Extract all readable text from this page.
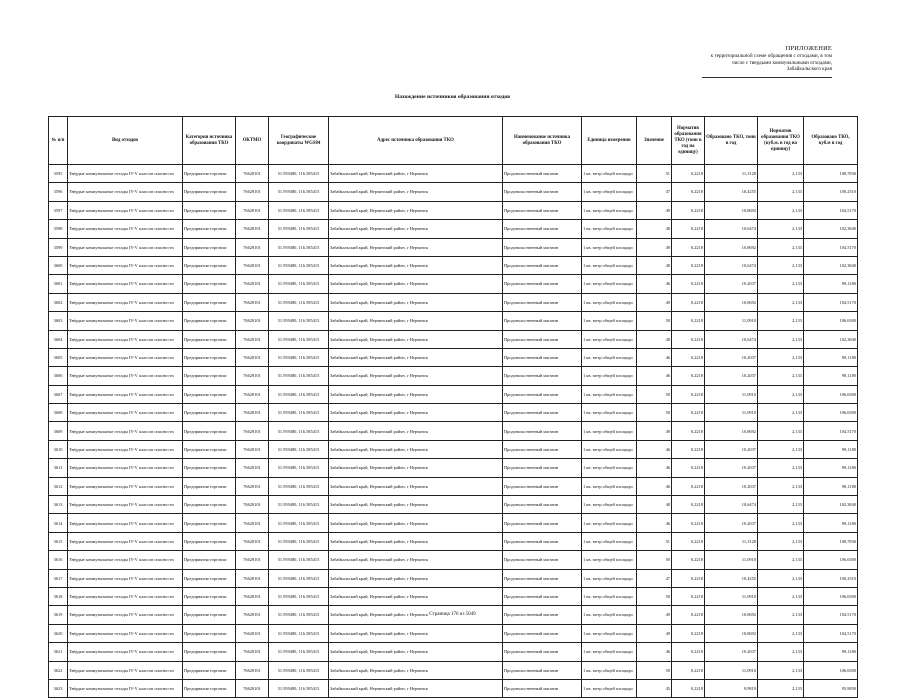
ПРИЛОЖЕНИЕ
к территориальной схеме обращения с отходами, в том
числе с твердыми коммунальными отходами,
Забайкальского края
Нахождение источников образования отходов
№ п/п	Вид отходов	Категория источника образования ТКО	ОКТМО	Географические координаты WGS84	Адрес источника образования ТКО	Наименование источника образования ТКО	Единица измерения	Значение	Норматив образования ТКО (тонн в год на единицу)	Образовано ТКО, тонн в год	Норматив образования ТКО (куб.м. в год на единицу)	Образовано ТКО, куб.м в год
3595	Твёрдые коммунальные отходы IV-V классов опасности	Предприятия торговли	76628101	51.959480, 116.585415	Забайкальский край, Нерчинский район, г Нерчинск	Продовольственный магазин	1 кв. метр общей площади	51	0,2218	11,3128	2,133	108,7830
3596	Твёрдые коммунальные отходы IV-V классов опасности	Предприятия торговли	76628101	51.959480, 116.585415	Забайкальский край, Нерчинский район, г Нерчинск	Продовольственный магазин	1 кв. метр общей площади	47	0,2218	10,4255	2,133	100,2510
3597	Твёрдые коммунальные отходы IV-V классов опасности	Предприятия торговли	76628101	51.959480, 116.585415	Забайкальский край, Нерчинский район, г Нерчинск	Продовольственный магазин	1 кв. метр общей площади	49	0,2218	10,8692	2,133	104,5170
3598	Твёрдые коммунальные отходы IV-V классов опасности	Предприятия торговли	76628101	51.959480, 116.585415	Забайкальский край, Нерчинский район, г Нерчинск	Продовольственный магазин	1 кв. метр общей площади	48	0,2218	10,6474	2,133	102,3840
3599	Твёрдые коммунальные отходы IV-V классов опасности	Предприятия торговли	76628101	51.959480, 116.585415	Забайкальский край, Нерчинский район, г Нерчинск	Продовольственный магазин	1 кв. метр общей площади	49	0,2218	10,8692	2,133	104,5170
3600	Твёрдые коммунальные отходы IV-V классов опасности	Предприятия торговли	76628101	51.959480, 116.585415	Забайкальский край, Нерчинский район, г Нерчинск	Продовольственный магазин	1 кв. метр общей площади	48	0,2218	10,6474	2,133	102,3840
3601	Твёрдые коммунальные отходы IV-V классов опасности	Предприятия торговли	76628101	51.959480, 116.585415	Забайкальский край, Нерчинский район, г Нерчинск	Продовольственный магазин	1 кв. метр общей площади	46	0,2218	10,2037	2,133	98,1180
3602	Твёрдые коммунальные отходы IV-V классов опасности	Предприятия торговли	76628101	51.959480, 116.585415	Забайкальский край, Нерчинский район, г Нерчинск	Продовольственный магазин	1 кв. метр общей площади	49	0,2218	10,8692	2,133	104,5170
3603	Твёрдые коммунальные отходы IV-V классов опасности	Предприятия торговли	76628101	51.959480, 116.585415	Забайкальский край, Нерчинский район, г Нерчинск	Продовольственный магазин	1 кв. метр общей площади	50	0,2218	11,0910	2,133	106,6500
3604	Твёрдые коммунальные отходы IV-V классов опасности	Предприятия торговли	76628101	51.959480, 116.585415	Забайкальский край, Нерчинский район, г Нерчинск	Продовольственный магазин	1 кв. метр общей площади	48	0,2218	10,6474	2,133	102,3840
3605	Твёрдые коммунальные отходы IV-V классов опасности	Предприятия торговли	76628101	51.959480, 116.585415	Забайкальский край, Нерчинский район, г Нерчинск	Продовольственный магазин	1 кв. метр общей площади	46	0,2218	10,2037	2,133	98,1180
3606	Твёрдые коммунальные отходы IV-V классов опасности	Предприятия торговли	76628101	51.959480, 116.585415	Забайкальский край, Нерчинский район, г Нерчинск	Продовольственный магазин	1 кв. метр общей площади	46	0,2218	10,2037	2,133	98,1180
3607	Твёрдые коммунальные отходы IV-V классов опасности	Предприятия торговли	76628101	51.959480, 116.585415	Забайкальский край, Нерчинский район, г Нерчинск	Продовольственный магазин	1 кв. метр общей площади	50	0,2218	11,0910	2,133	106,6500
3608	Твёрдые коммунальные отходы IV-V классов опасности	Предприятия торговли	76628101	51.959480, 116.585415	Забайкальский край, Нерчинский район, г Нерчинск	Продовольственный магазин	1 кв. метр общей площади	50	0,2218	11,0910	2,133	106,6500
3609	Твёрдые коммунальные отходы IV-V классов опасности	Предприятия торговли	76628101	51.959480, 116.585415	Забайкальский край, Нерчинский район, г Нерчинск	Продовольственный магазин	1 кв. метр общей площади	49	0,2218	10,8692	2,133	104,5170
3610	Твёрдые коммунальные отходы IV-V классов опасности	Предприятия торговли	76628101	51.959480, 116.585415	Забайкальский край, Нерчинский район, г Нерчинск	Продовольственный магазин	1 кв. метр общей площади	46	0,2218	10,2037	2,133	98,1180
3611	Твёрдые коммунальные отходы IV-V классов опасности	Предприятия торговли	76628101	51.959480, 116.585415	Забайкальский край, Нерчинский район, г Нерчинск	Продовольственный магазин	1 кв. метр общей площади	46	0,2218	10,2037	2,133	98,1180
3612	Твёрдые коммунальные отходы IV-V классов опасности	Предприятия торговли	76628101	51.959480, 116.585415	Забайкальский край, Нерчинский район, г Нерчинск	Продовольственный магазин	1 кв. метр общей площади	46	0,2218	10,2037	2,133	98,1180
3613	Твёрдые коммунальные отходы IV-V классов опасности	Предприятия торговли	76628101	51.959480, 116.585415	Забайкальский край, Нерчинский район, г Нерчинск	Продовольственный магазин	1 кв. метр общей площади	48	0,2218	10,6474	2,133	102,3840
3614	Твёрдые коммунальные отходы IV-V классов опасности	Предприятия торговли	76628101	51.959480, 116.585415	Забайкальский край, Нерчинский район, г Нерчинск	Продовольственный магазин	1 кв. метр общей площади	46	0,2218	10,2037	2,133	98,1180
3615	Твёрдые коммунальные отходы IV-V классов опасности	Предприятия торговли	76628101	51.959480, 116.585415	Забайкальский край, Нерчинский район, г Нерчинск	Продовольственный магазин	1 кв. метр общей площади	51	0,2218	11,3128	2,133	108,7830
3616	Твёрдые коммунальные отходы IV-V классов опасности	Предприятия торговли	76628101	51.959480, 116.585415	Забайкальский край, Нерчинский район, г Нерчинск	Продовольственный магазин	1 кв. метр общей площади	50	0,2218	11,0910	2,133	106,6500
3617	Твёрдые коммунальные отходы IV-V классов опасности	Предприятия торговли	76628101	51.959480, 116.585415	Забайкальский край, Нерчинский район, г Нерчинск	Продовольственный магазин	1 кв. метр общей площади	47	0,2218	10,4255	2,133	100,2510
3618	Твёрдые коммунальные отходы IV-V классов опасности	Предприятия торговли	76628101	51.959480, 116.585415	Забайкальский край, Нерчинский район, г Нерчинск	Продовольственный магазин	1 кв. метр общей площади	50	0,2218	11,0910	2,133	106,6500
3619	Твёрдые коммунальные отходы IV-V классов опасности	Предприятия торговли	76628101	51.959480, 116.585415	Забайкальский край, Нерчинский район, г Нерчинск	Продовольственный магазин	1 кв. метр общей площади	49	0,2218	10,8692	2,133	104,5170
3620	Твёрдые коммунальные отходы IV-V классов опасности	Предприятия торговли	76628101	51.959480, 116.585415	Забайкальский край, Нерчинский район, г Нерчинск	Продовольственный магазин	1 кв. метр общей площади	49	0,2218	10,8692	2,133	104,5170
3621	Твёрдые коммунальные отходы IV-V классов опасности	Предприятия торговли	76628101	51.959480, 116.585415	Забайкальский край, Нерчинский район, г Нерчинск	Продовольственный магазин	1 кв. метр общей площади	46	0,2218	10,2037	2,133	98,1180
3622	Твёрдые коммунальные отходы IV-V классов опасности	Предприятия торговли	76628101	51.959480, 116.585415	Забайкальский край, Нерчинский район, г Нерчинск	Продовольственный магазин	1 кв. метр общей площади	50	0,2218	11,0910	2,133	106,6500
3623	Твёрдые коммунальные отходы IV-V классов опасности	Предприятия торговли	76628101	51.959480, 116.585415	Забайкальский край, Нерчинский район, г Нерчинск	Продовольственный магазин	1 кв. метр общей площади	45	0,2218	9,9819	2,133	95,9850
Страница 176 из 5049
